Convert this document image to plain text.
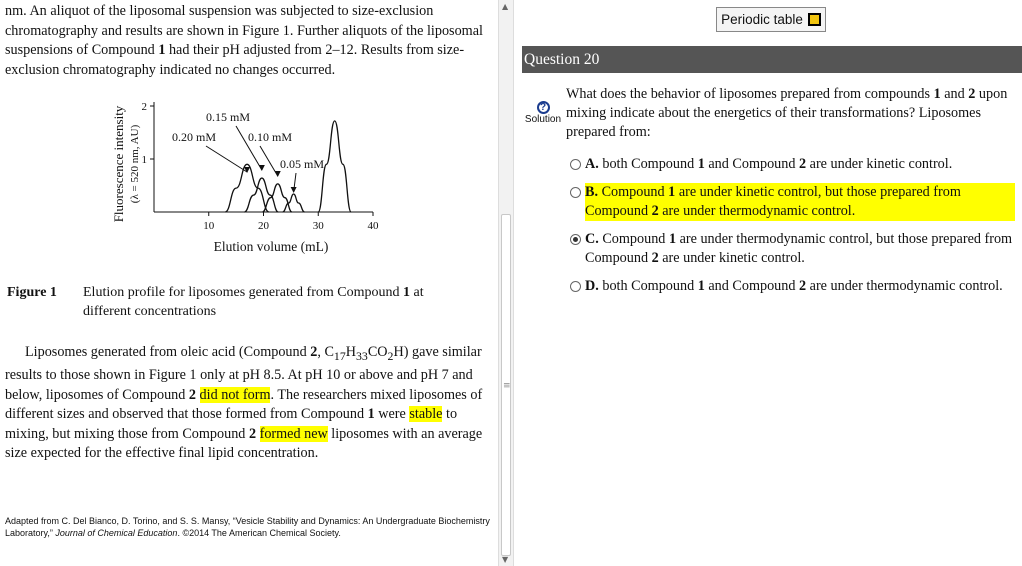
nm. An aliquot of the liposomal suspension was subjected to size-exclusion chromatography and results are shown in Figure 1. Further aliquots of the liposomal suspensions of Compound 1 had their pH adjusted from 2–12. Results from size-exclusion chromatography indicated no changes occurred.

10	20	30	40
1
2
0.15 mM
0.20 mM	0.10 mM
0.05 mM
Fluorescence intensity (λ = 520 nm, AU)
Elution volume (mL)
Figure 1 Elution profile for liposomes generated from Compound 1 at different concentrations

Liposomes generated from oleic acid (Compound 2, $C_{17}H_{33}CO_2H$) gave similar results to those shown in Figure 1 only at pH 8.5. At pH 10 or above and pH 7 and below, liposomes of Compound 2 did not form. The researchers mixed liposomes of different sizes and observed that those formed from Compound 1 were stable to mixing, but mixing those from Compound 2 formed new liposomes with an average size expected for the effective final lipid concentration.

Adapted from C. Del Bianco, D. Torino, and S. S. Mansy, “Vesicle Stability and Dynamics: An Undergraduate Biochemistry Laboratory,” Journal of Chemical Education. ©2014 The American Chemical Society.
▲
≡
▼
Periodic table
Question 20
?
Solution

What does the behavior of liposomes prepared from compounds 1 and 2 upon mixing indicate about the energetics of their transformations? Liposomes prepared from:

A. both Compound 1 and Compound 2 are under kinetic control.
B. Compound 1 are under kinetic control, but those prepared from Compound 2 are under thermodynamic control.
C. Compound 1 are under thermodynamic control, but those prepared from Compound 2 are under kinetic control.
D. both Compound 1 and Compound 2 are under thermodynamic control.
